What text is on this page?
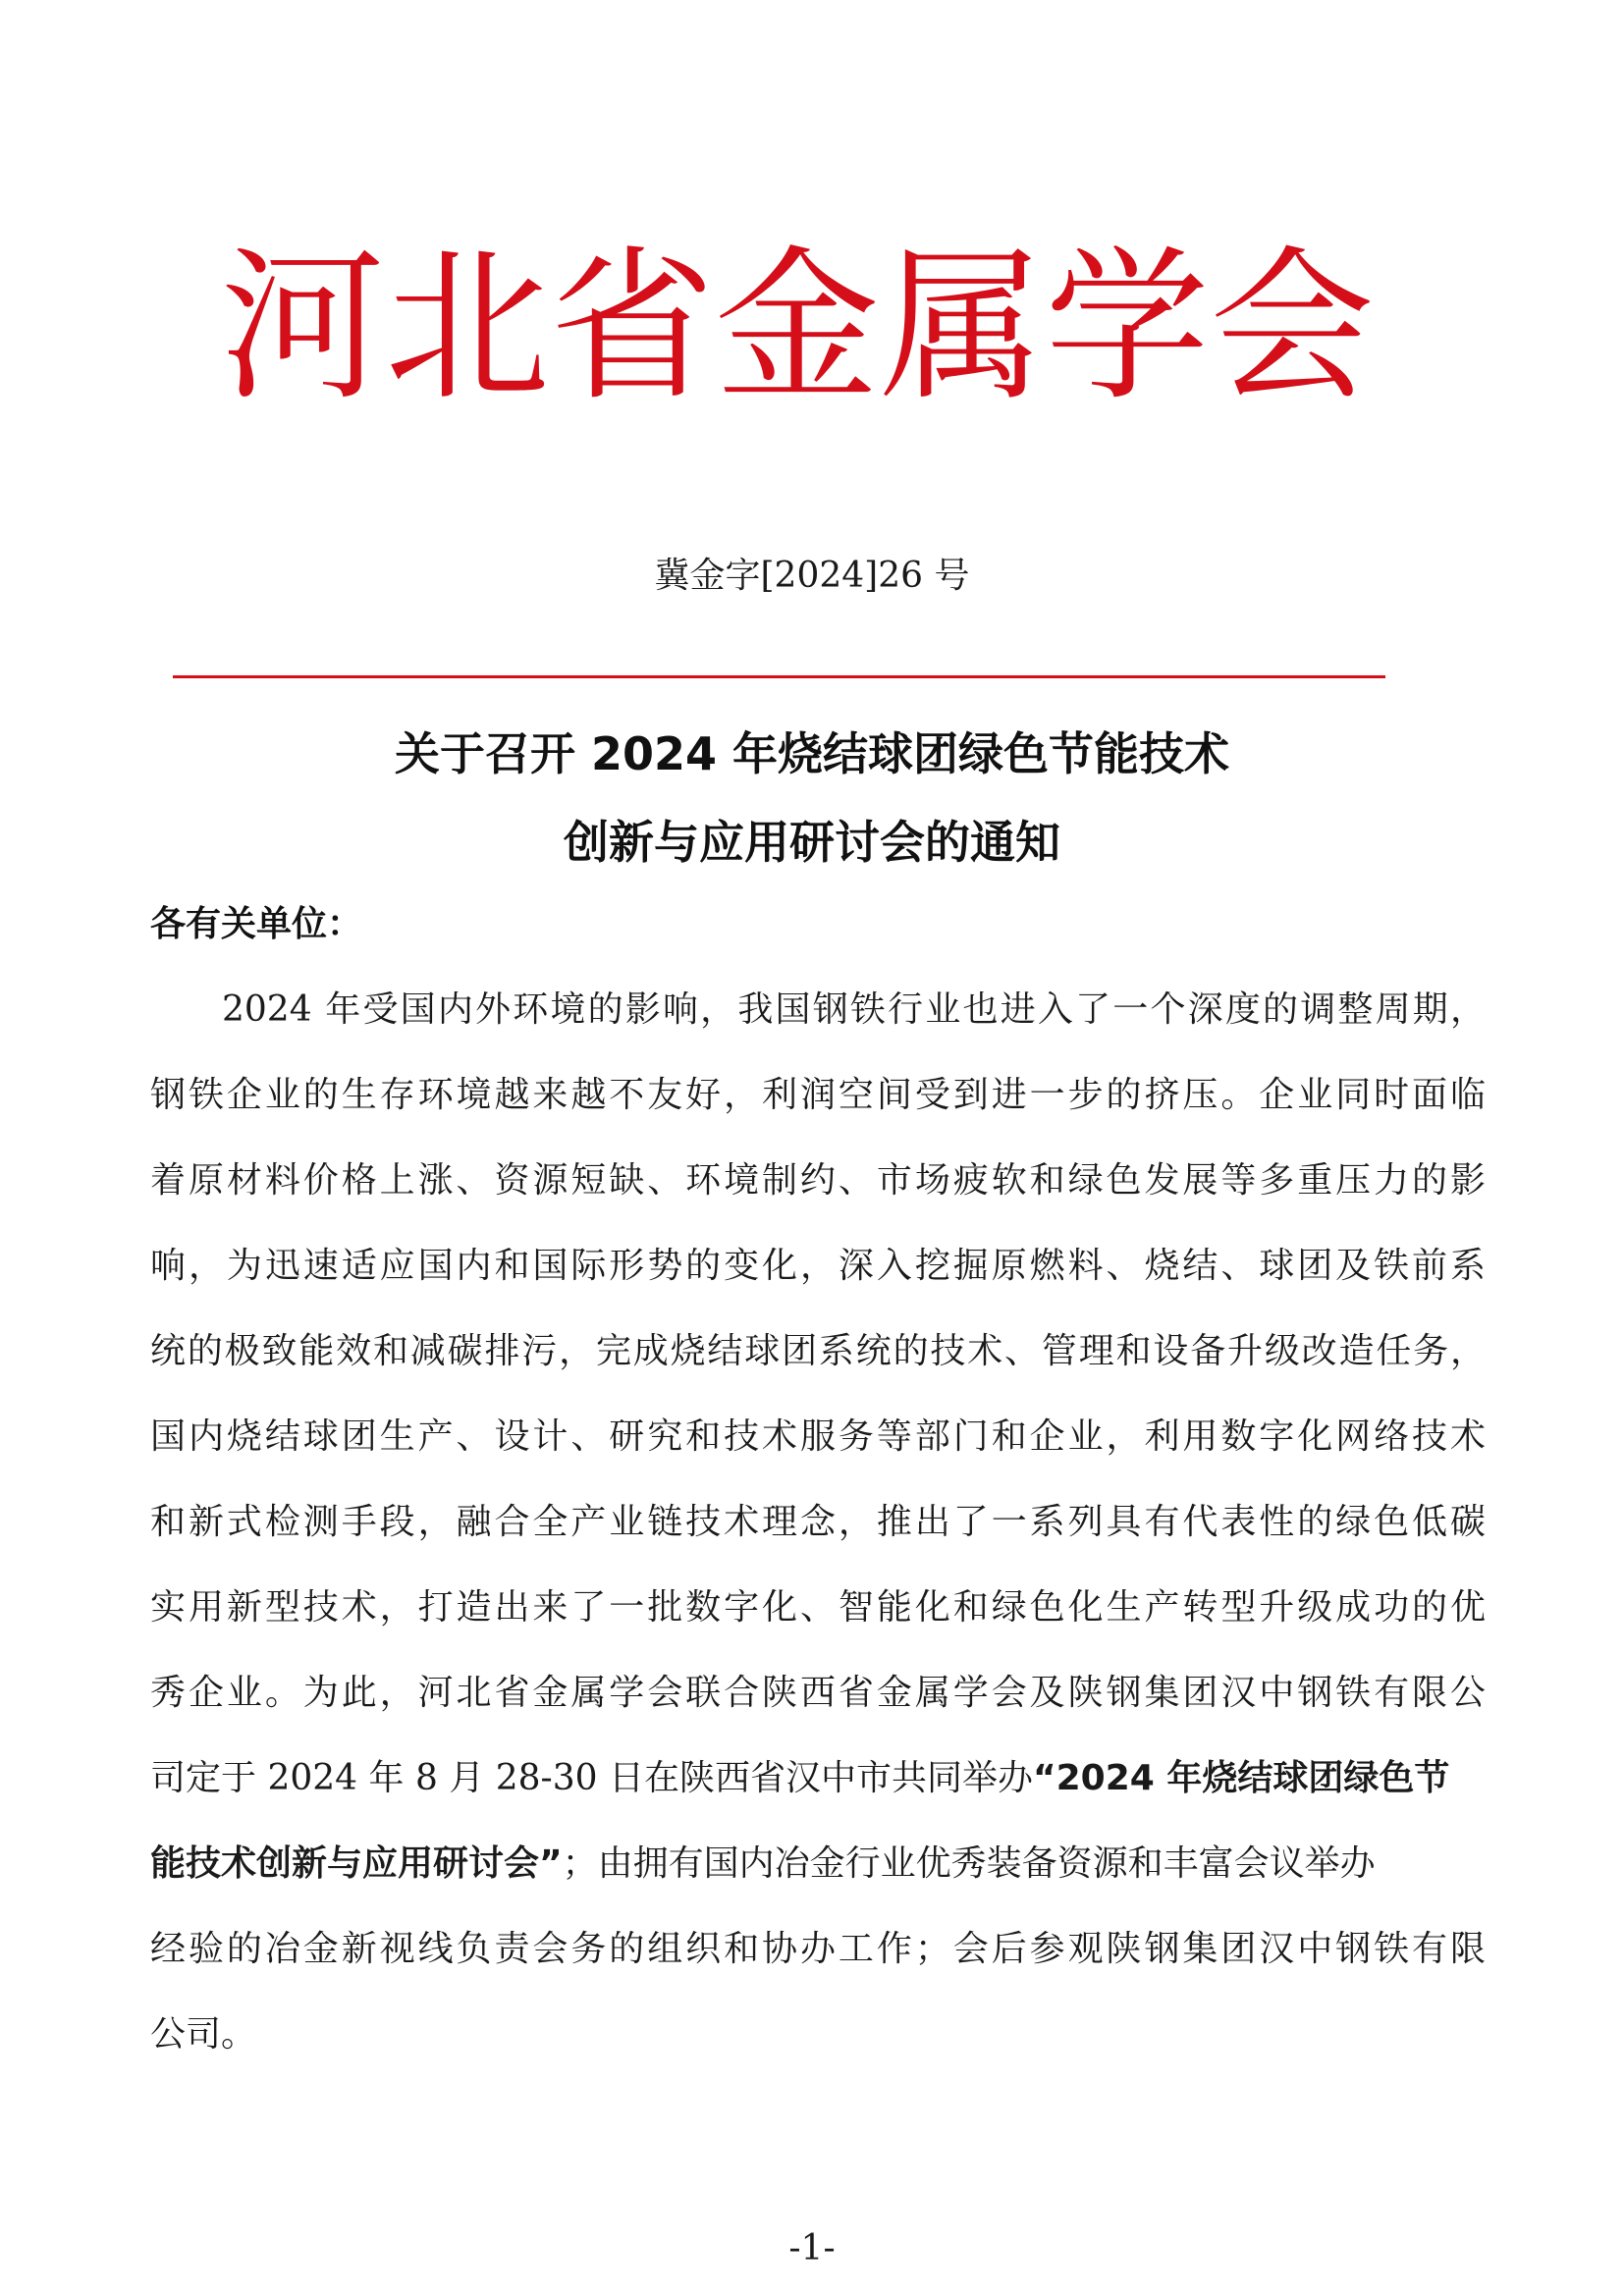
河北省金属学会
冀金字[2024]26 号
关于召开 2024 年烧结球团绿色节能技术
创新与应用研讨会的通知
各有关单位：
2024 年受国内外环境的影响，我国钢铁行业也进入了一个深度的调整周期，
钢铁企业的生存环境越来越不友好，利润空间受到进一步的挤压。企业同时面临
着原材料价格上涨、资源短缺、环境制约、市场疲软和绿色发展等多重压力的影
响，为迅速适应国内和国际形势的变化，深入挖掘原燃料、烧结、球团及铁前系
统的极致能效和减碳排污，完成烧结球团系统的技术、管理和设备升级改造任务，
国内烧结球团生产、设计、研究和技术服务等部门和企业，利用数字化网络技术
和新式检测手段，融合全产业链技术理念，推出了一系列具有代表性的绿色低碳
实用新型技术，打造出来了一批数字化、智能化和绿色化生产转型升级成功的优
秀企业。为此，河北省金属学会联合陕西省金属学会及陕钢集团汉中钢铁有限公
司定于 2024 年 8 月 28-30 日在陕西省汉中市共同举办“2024 年烧结球团绿色节
能技术创新与应用研讨会”；由拥有国内冶金行业优秀装备资源和丰富会议举办
经验的冶金新视线负责会务的组织和协办工作；会后参观陕钢集团汉中钢铁有限
公司。
-1-
